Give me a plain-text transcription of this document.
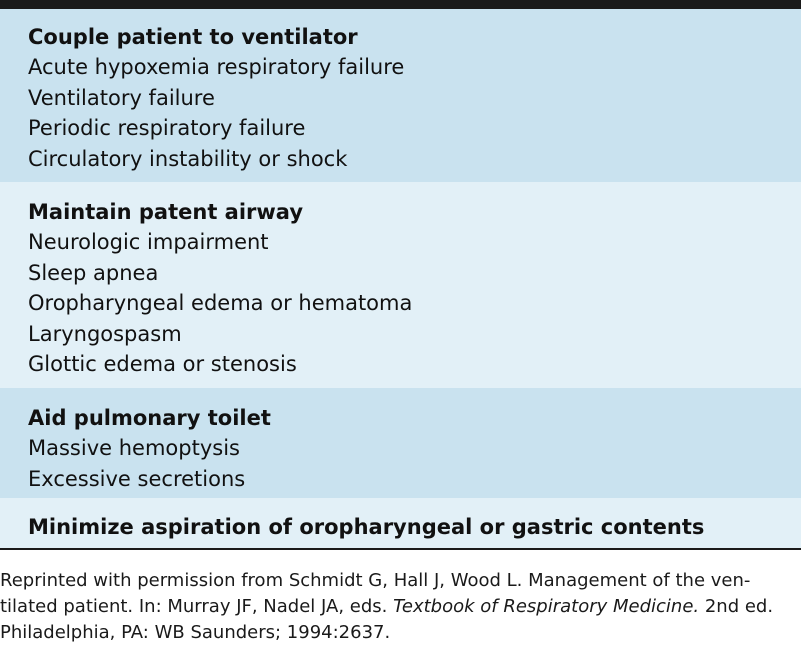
Couple patient to ventilator
Acute hypoxemia respiratory failure
Ventilatory failure
Periodic respiratory failure
Circulatory instability or shock
Maintain patent airway
Neurologic impairment
Sleep apnea
Oropharyngeal edema or hematoma
Laryngospasm
Glottic edema or stenosis
Aid pulmonary toilet
Massive hemoptysis
Excessive secretions
Minimize aspiration of oropharyngeal or gastric contents
Reprinted with permission from Schmidt G, Hall J, Wood L. Management of the ven-
tilated patient. In: Murray JF, Nadel JA, eds. Textbook of Respiratory Medicine. 2nd ed.
Philadelphia, PA: WB Saunders; 1994:2637.
